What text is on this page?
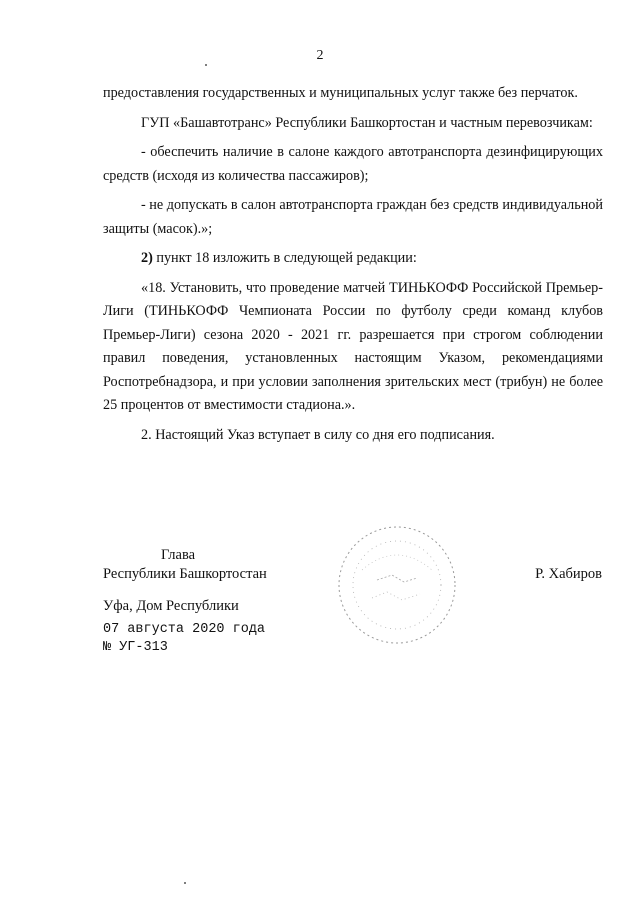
2

предоставления государственных и муниципальных услуг также без перчаток.

ГУП «Башавтотранс» Республики Башкортостан и частным перевозчикам:

- обеспечить наличие в салоне каждого автотранспорта дезинфицирующих средств (исходя из количества пассажиров);

- не допускать в салон автотранспорта граждан без средств индивидуальной защиты (масок).»;

2) пункт 18 изложить в следующей редакции:

«18. Установить, что проведение матчей ТИНЬКОФФ Российской Премьер-Лиги (ТИНЬКОФФ Чемпионата России по футболу среди команд клубов Премьер-Лиги) сезона 2020 - 2021 гг. разрешается при строгом соблюдении правил поведения, установленных настоящим Указом, рекомендациями Роспотребнадзора, и при условии заполнения зрительских мест (трибун) не более 25 процентов от вместимости стадиона.».

2. Настоящий Указ вступает в силу со дня его подписания.

Глава
Республики Башкортостан	Р. Хабиров
Уфа, Дом Республики
07 августа 2020 года
№ УГ-313
